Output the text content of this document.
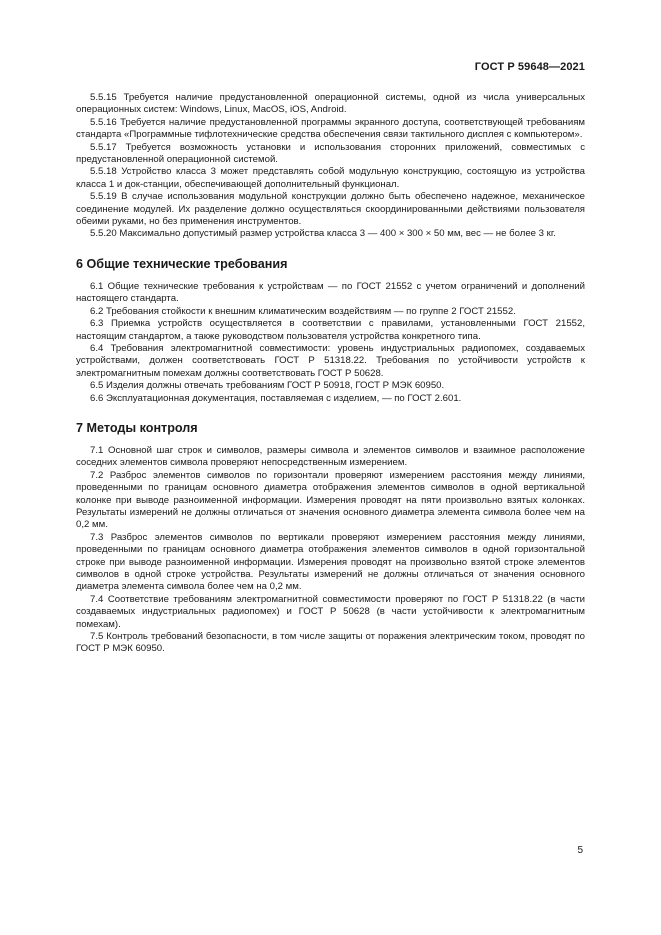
ГОСТ Р 59648—2021

5.5.15 Требуется наличие предустановленной операционной системы, одной из числа универсальных операционных систем: Windows, Linux, MacOS, iOS, Android.

5.5.16 Требуется наличие предустановленной программы экранного доступа, соответствующей требованиям стандарта «Программные тифлотехнические средства обеспечения связи тактильного дисплея с компьютером».

5.5.17 Требуется возможность установки и использования сторонних приложений, совместимых с предустановленной операционной системой.

5.5.18 Устройство класса 3 может представлять собой модульную конструкцию, состоящую из устройства класса 1 и док-станции, обеспечивающей дополнительный функционал.

5.5.19 В случае использования модульной конструкции должно быть обеспечено надежное, механическое соединение модулей. Их разделение должно осуществляться скоординированными действиями пользователя обеими руками, но без применения инструментов.

5.5.20 Максимально допустимый размер устройства класса 3 — 400 × 300 × 50 мм, вес — не более 3 кг.

6 Общие технические требования

6.1 Общие технические требования к устройствам — по ГОСТ 21552 с учетом ограничений и дополнений настоящего стандарта.

6.2 Требования стойкости к внешним климатическим воздействиям — по группе 2 ГОСТ 21552.

6.3 Приемка устройств осуществляется в соответствии с правилами, установленными ГОСТ 21552, настоящим стандартом, а также руководством пользователя устройства конкретного типа.

6.4 Требования электромагнитной совместимости: уровень индустриальных радиопомех, создаваемых устройствами, должен соответствовать ГОСТ Р 51318.22. Требования по устойчивости устройств к электромагнитным помехам должны соответствовать ГОСТ Р 50628.

6.5 Изделия должны отвечать требованиям ГОСТ Р 50918, ГОСТ Р МЭК 60950.

6.6 Эксплуатационная документация, поставляемая с изделием, — по ГОСТ 2.601.

7 Методы контроля

7.1 Основной шаг строк и символов, размеры символа и элементов символов и взаимное расположение соседних элементов символа проверяют непосредственным измерением.

7.2 Разброс элементов символов по горизонтали проверяют измерением расстояния между линиями, проведенными по границам основного диаметра отображения элементов символов в одной вертикальной колонке при выводе разноименной информации. Измерения проводят на пяти произвольно взятых колонках. Результаты измерений не должны отличаться от значения основного диаметра элемента символа более чем на 0,2 мм.

7.3 Разброс элементов символов по вертикали проверяют измерением расстояния между линиями, проведенными по границам основного диаметра отображения элементов символов в одной горизонтальной строке при выводе разноименной информации. Измерения проводят на произвольно взятой строке элементов символов в одной строке устройства. Результаты измерений не должны отличаться от значения основного диаметра элемента символа более чем на 0,2 мм.

7.4 Соответствие требованиям электромагнитной совместимости проверяют по ГОСТ Р 51318.22 (в части создаваемых индустриальных радиопомех) и ГОСТ Р 50628 (в части устойчивости к электромагнитным помехам).

7.5 Контроль требований безопасности, в том числе защиты от поражения электрическим током, проводят по ГОСТ Р МЭК 60950.

5
